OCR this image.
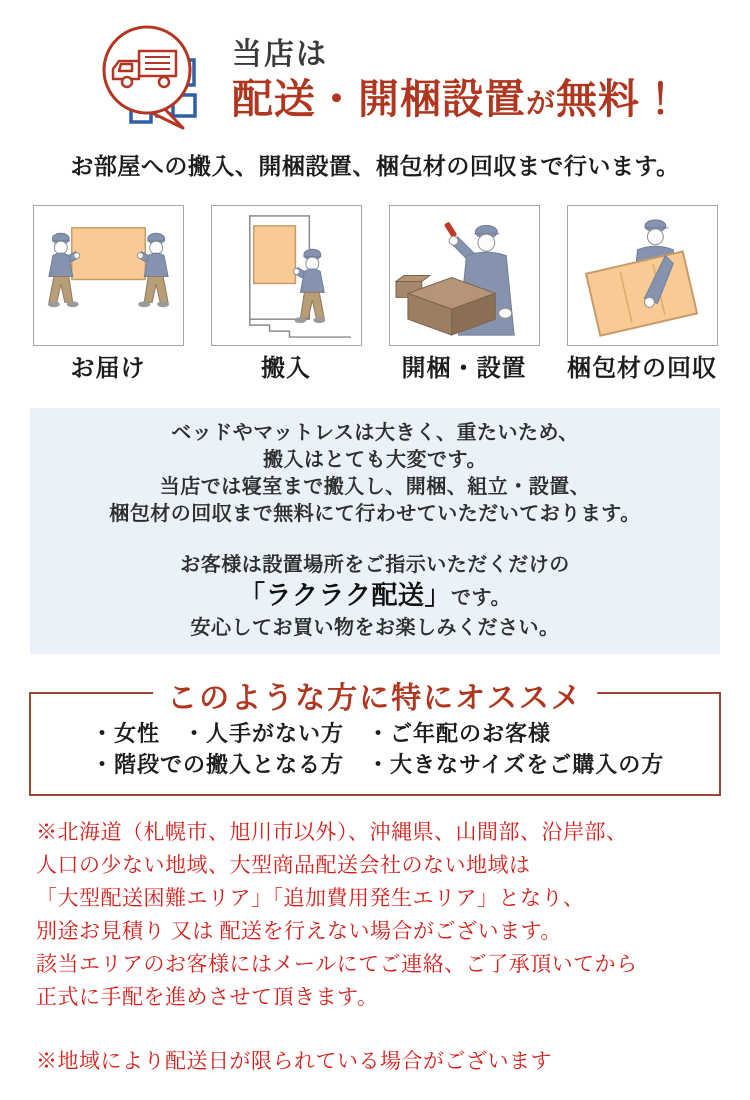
当店は
配送・開梱設置が無料！
お部屋への搬入、開梱設置、梱包材の回収まで行います。
お届け	搬入	開梱・設置	梱包材の回収
ベッドやマットレスは大きく、重たいため、
搬入はとても大変です。
当店では寝室まで搬入し、開梱、組立・設置、
梱包材の回収まで無料にて行わせていただいております。
お客様は設置場所をご指示いただくだけの
「ラクラク配送」です。
安心してお買い物をお楽しみください。
このような方に特にオススメ
・女性　・人手がない方　・ご年配のお客様
・階段での搬入となる方　・大きなサイズをご購入の方
※北海道（札幌市、旭川市以外）、沖縄県、山間部、沿岸部、
人口の少ない地域、大型商品配送会社のない地域は
「大型配送困難エリア」「追加費用発生エリア」となり、
別途お見積り 又は 配送を行えない場合がございます。
該当エリアのお客様にはメールにてご連絡、ご了承頂いてから
正式に手配を進めさせて頂きます。
※地域により配送日が限られている場合がございます
